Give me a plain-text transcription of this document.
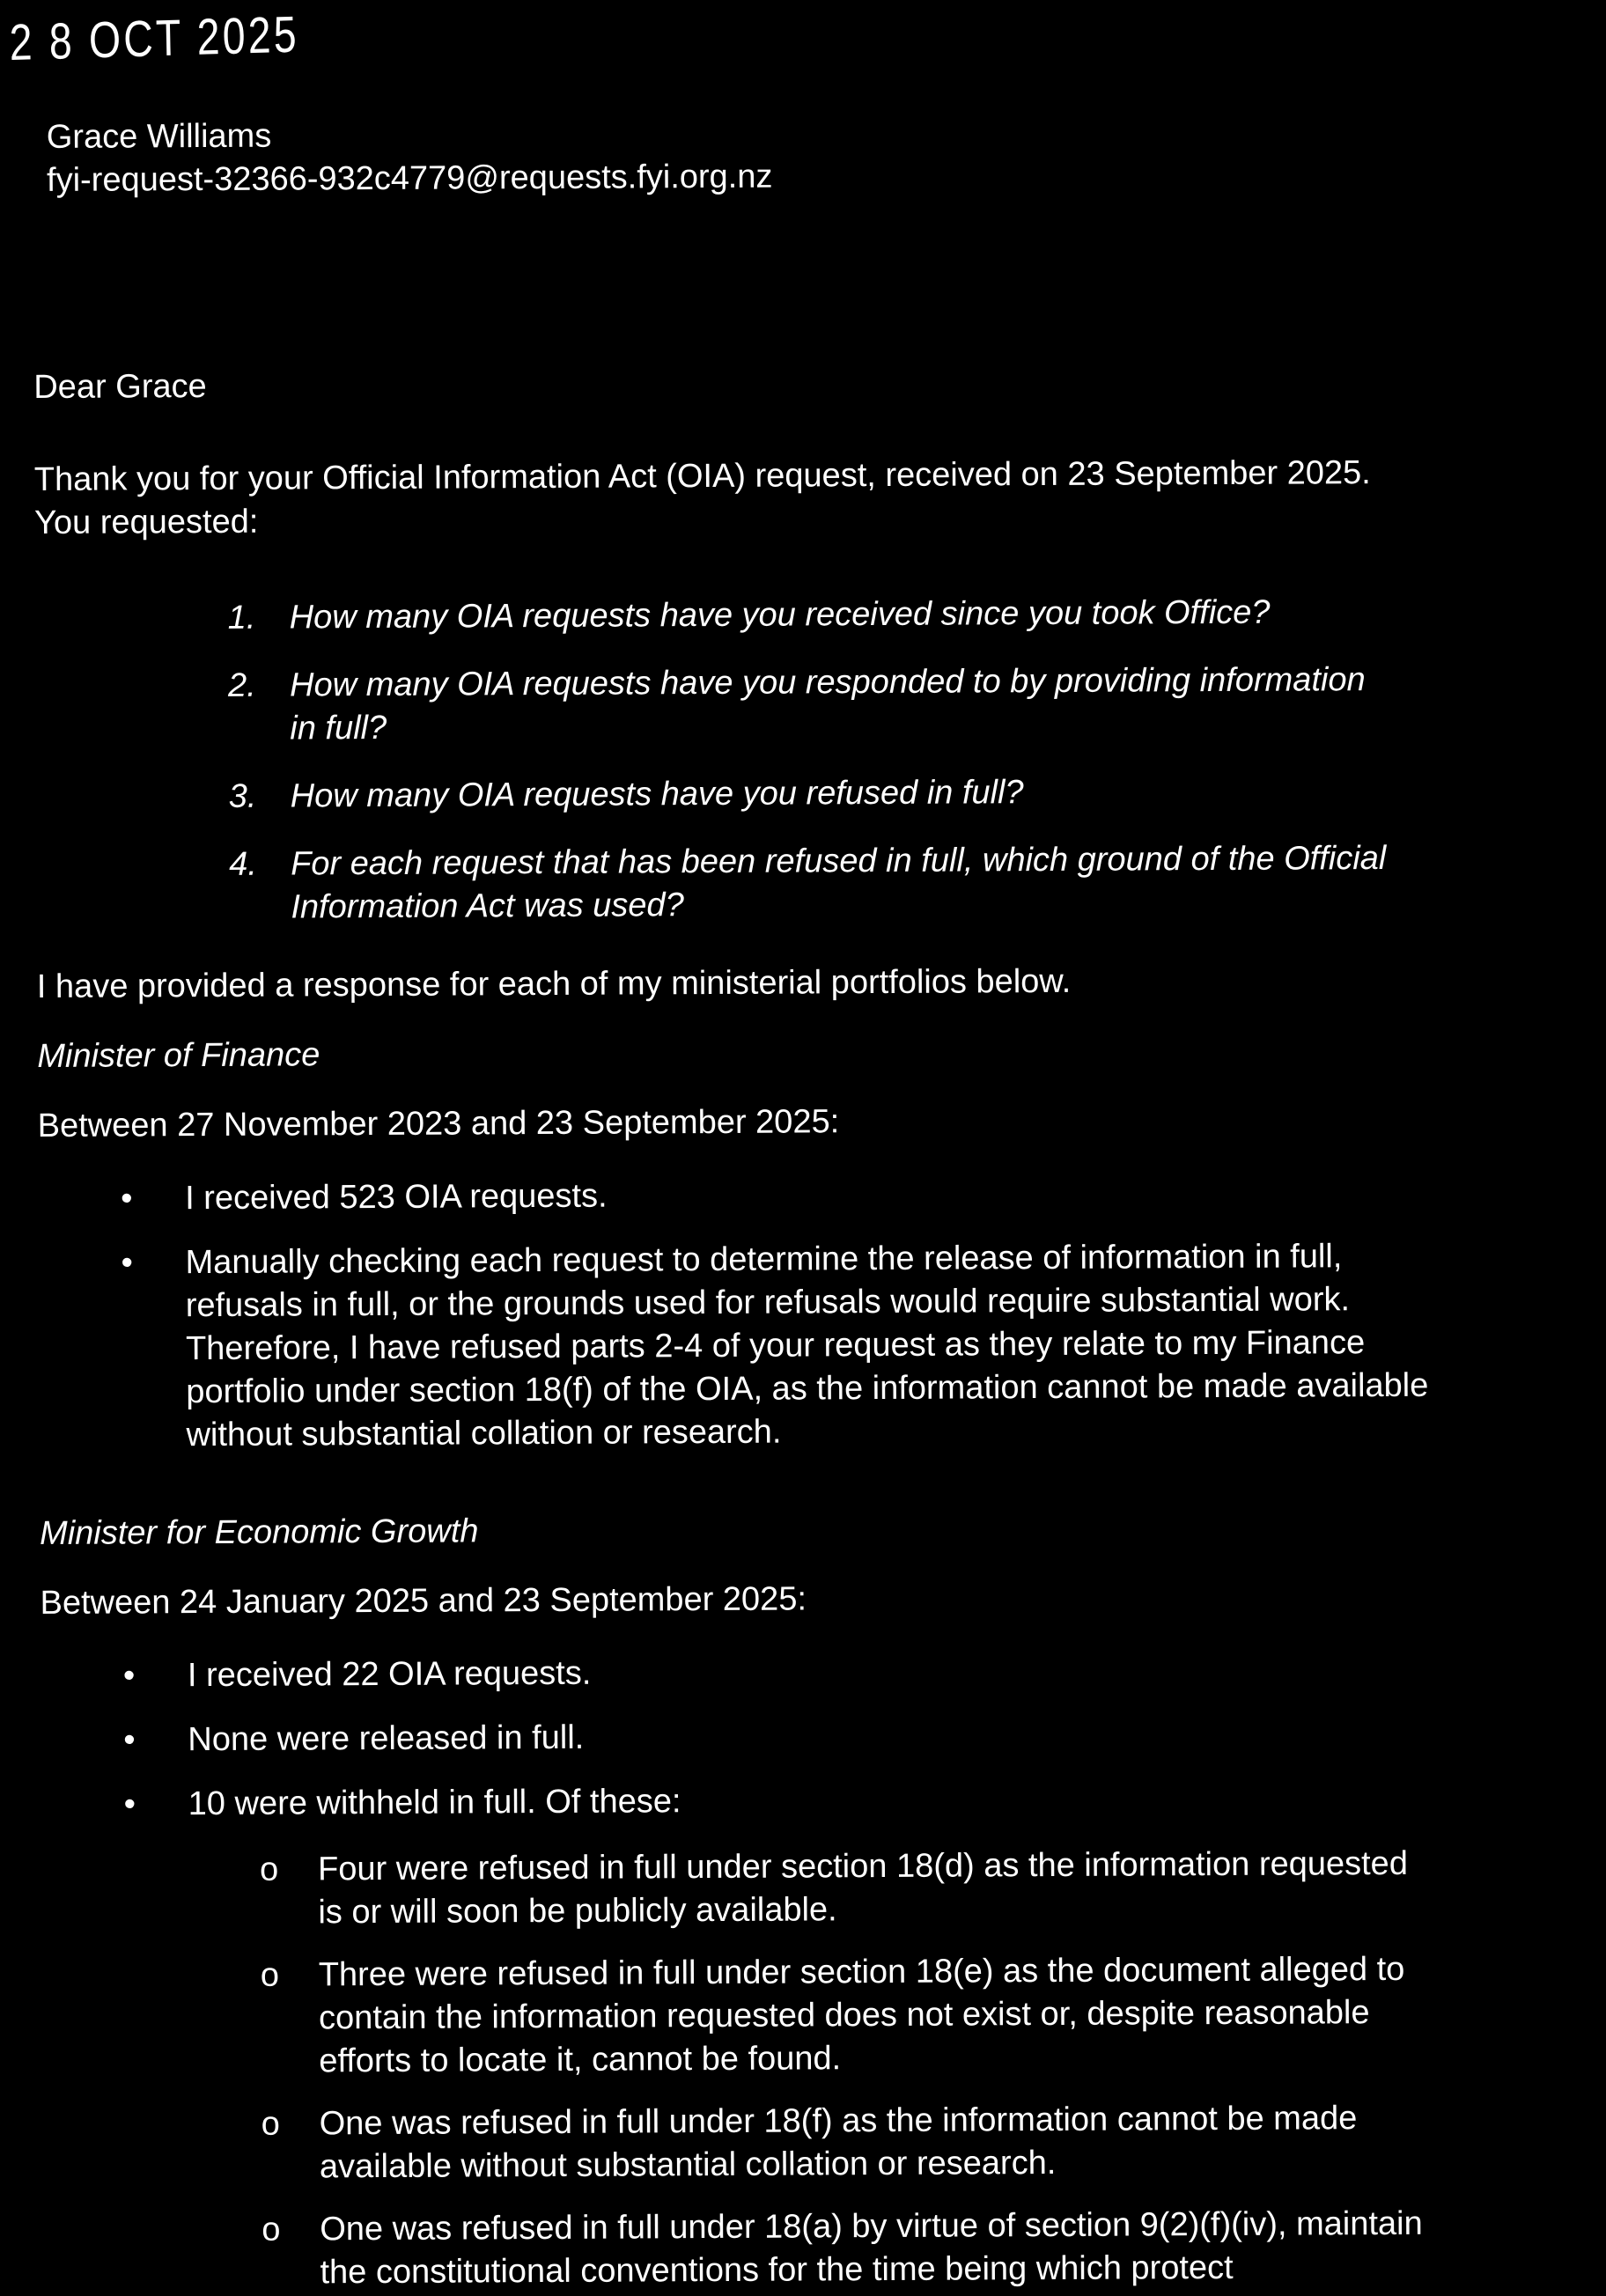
2 8 OCT 2025
Grace Williams
fyi-request-32366-932c4779@requests.fyi.org.nz
Dear Grace
Thank you for your Official Information Act (OIA) request, received on 23 September 2025. You requested:
1.	How many OIA requests have you received since you took Office?
2.	How many OIA requests have you responded to by providing information in full?
3.	How many OIA requests have you refused in full?
4.	For each request that has been refused in full, which ground of the Official Information Act was used?
I have provided a response for each of my ministerial portfolios below.
Minister of Finance
Between 27 November 2023 and 23 September 2025:
•	I received 523 OIA requests.
•	Manually checking each request to determine the release of information in full, refusals in full, or the grounds used for refusals would require substantial work. Therefore, I have refused parts 2-4 of your request as they relate to my Finance portfolio under section 18(f) of the OIA, as the information cannot be made available without substantial collation or research.
Minister for Economic Growth
Between 24 January 2025 and 23 September 2025:
•	I received 22 OIA requests.
•	None were released in full.
•	10 were withheld in full. Of these:
o	Four were refused in full under section 18(d) as the information requested is or will soon be publicly available.
o	Three were refused in full under section 18(e) as the document alleged to contain the information requested does not exist or, despite reasonable efforts to locate it, cannot be found.
o	One was refused in full under 18(f) as the information cannot be made available without substantial collation or research.
o	One was refused in full under 18(a) by virtue of section 9(2)(f)(iv), maintain the constitutional conventions for the time being which protect
